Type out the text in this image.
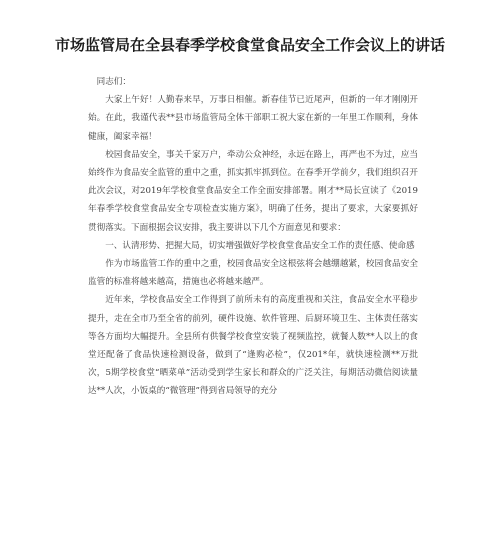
市场监管局在全县春季学校食堂食品安全工作会议上的讲话

同志们：

大家上午好！人勤春来早，万事日相催。新春佳节已近尾声，但新的一年才刚刚开始。在此，我谨代表**县市场监管局全体干部职工祝大家在新的一年里工作顺利，身体健康，阖家幸福！

校园食品安全，事关千家万户，牵动公众神经，永远在路上，再严也不为过，应当始终作为食品安全监管的重中之重，抓实抓牢抓到位。在春季开学前夕，我们组织召开此次会议，对2019年学校食堂食品安全工作全面安排部署。刚才**局长宣读了《2019年春季学校食堂食品安全专项检查实施方案》，明确了任务，提出了要求，大家要抓好贯彻落实。下面根据会议安排，我主要讲以下几个方面意见和要求：

一、认清形势、把握大局，切实增强做好学校食堂食品安全工作的责任感、使命感

作为市场监管工作的重中之重，校园食品安全这根弦将会越绷越紧，校园食品安全监管的标准将越来越高，措施也必将越来越严。

近年来，学校食品安全工作得到了前所未有的高度重视和关注，食品安全水平稳步提升，走在全市乃至全省的前列，硬件设施、软件管理、后厨环境卫生、主体责任落实等各方面均大幅提升。全县所有供餐学校食堂安装了视频监控，就餐人数**人以上的食堂还配备了食品快速检测设备，做到了“逢购必检”，仅201*年，就快速检测**万批次，5期学校食堂“晒菜单”活动受到学生家长和群众的广泛关注，每期活动微信阅读量达**人次，小饭桌的“微管理”得到省局领导的充分
